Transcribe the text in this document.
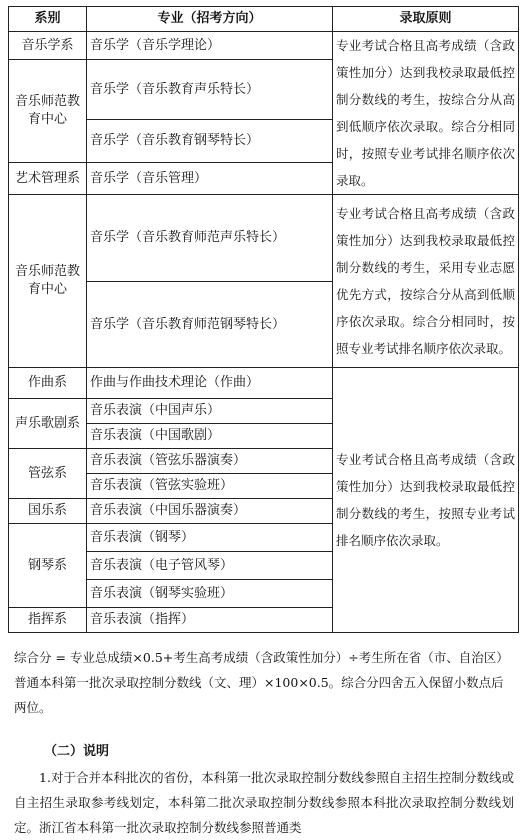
系别	专业（招考方向）	录取原则
音乐学系	音乐学（音乐学理论）	专业考试合格且高考成绩（含政策性加分）达到我校录取最低控制分数线的考生，按综合分从高到低顺序依次录取。综合分相同时，按照专业考试排名顺序依次录取。
音乐师范教育中心	音乐学（音乐教育声乐特长）	
	音乐学（音乐教育钢琴特长）	
艺术管理系	音乐学（音乐管理）	
音乐师范教育中心	音乐学（音乐教育师范声乐特长）	专业考试合格且高考成绩（含政策性加分）达到我校录取最低控制分数线的考生，采用专业志愿优先方式，按综合分从高到低顺序依次录取。综合分相同时，按照专业考试排名顺序依次录取。
	音乐学（音乐教育师范钢琴特长）	
作曲系	作曲与作曲技术理论（作曲）	专业考试合格且高考成绩（含政策性加分）达到我校录取最低控制分数线的考生，按照专业考试排名顺序依次录取。
声乐歌剧系	音乐表演（中国声乐）	
	音乐表演（中国歌剧）	
管弦系	音乐表演（管弦乐器演奏）	
	音乐表演（管弦实验班）	
国乐系	音乐表演（中国乐器演奏）	
钢琴系	音乐表演（钢琴）	
	音乐表演（电子管风琴）	
	音乐表演（钢琴实验班）	
指挥系	音乐表演（指挥）	

综合分 = 专业总成绩×0.5+考生高考成绩（含政策性加分）÷考生所在省（市、自治区）普通本科第一批次录取控制分数线（文、理）×100×0.5。综合分四舍五入保留小数点后两位。

（二）说明

1.对于合并本科批次的省份，本科第一批次录取控制分数线参照自主招生控制分数线或自主招生录取参考线划定，本科第二批次录取控制分数线参照本科批次录取控制分数线划定。浙江省本科第一批次录取控制分数线参照普通类
